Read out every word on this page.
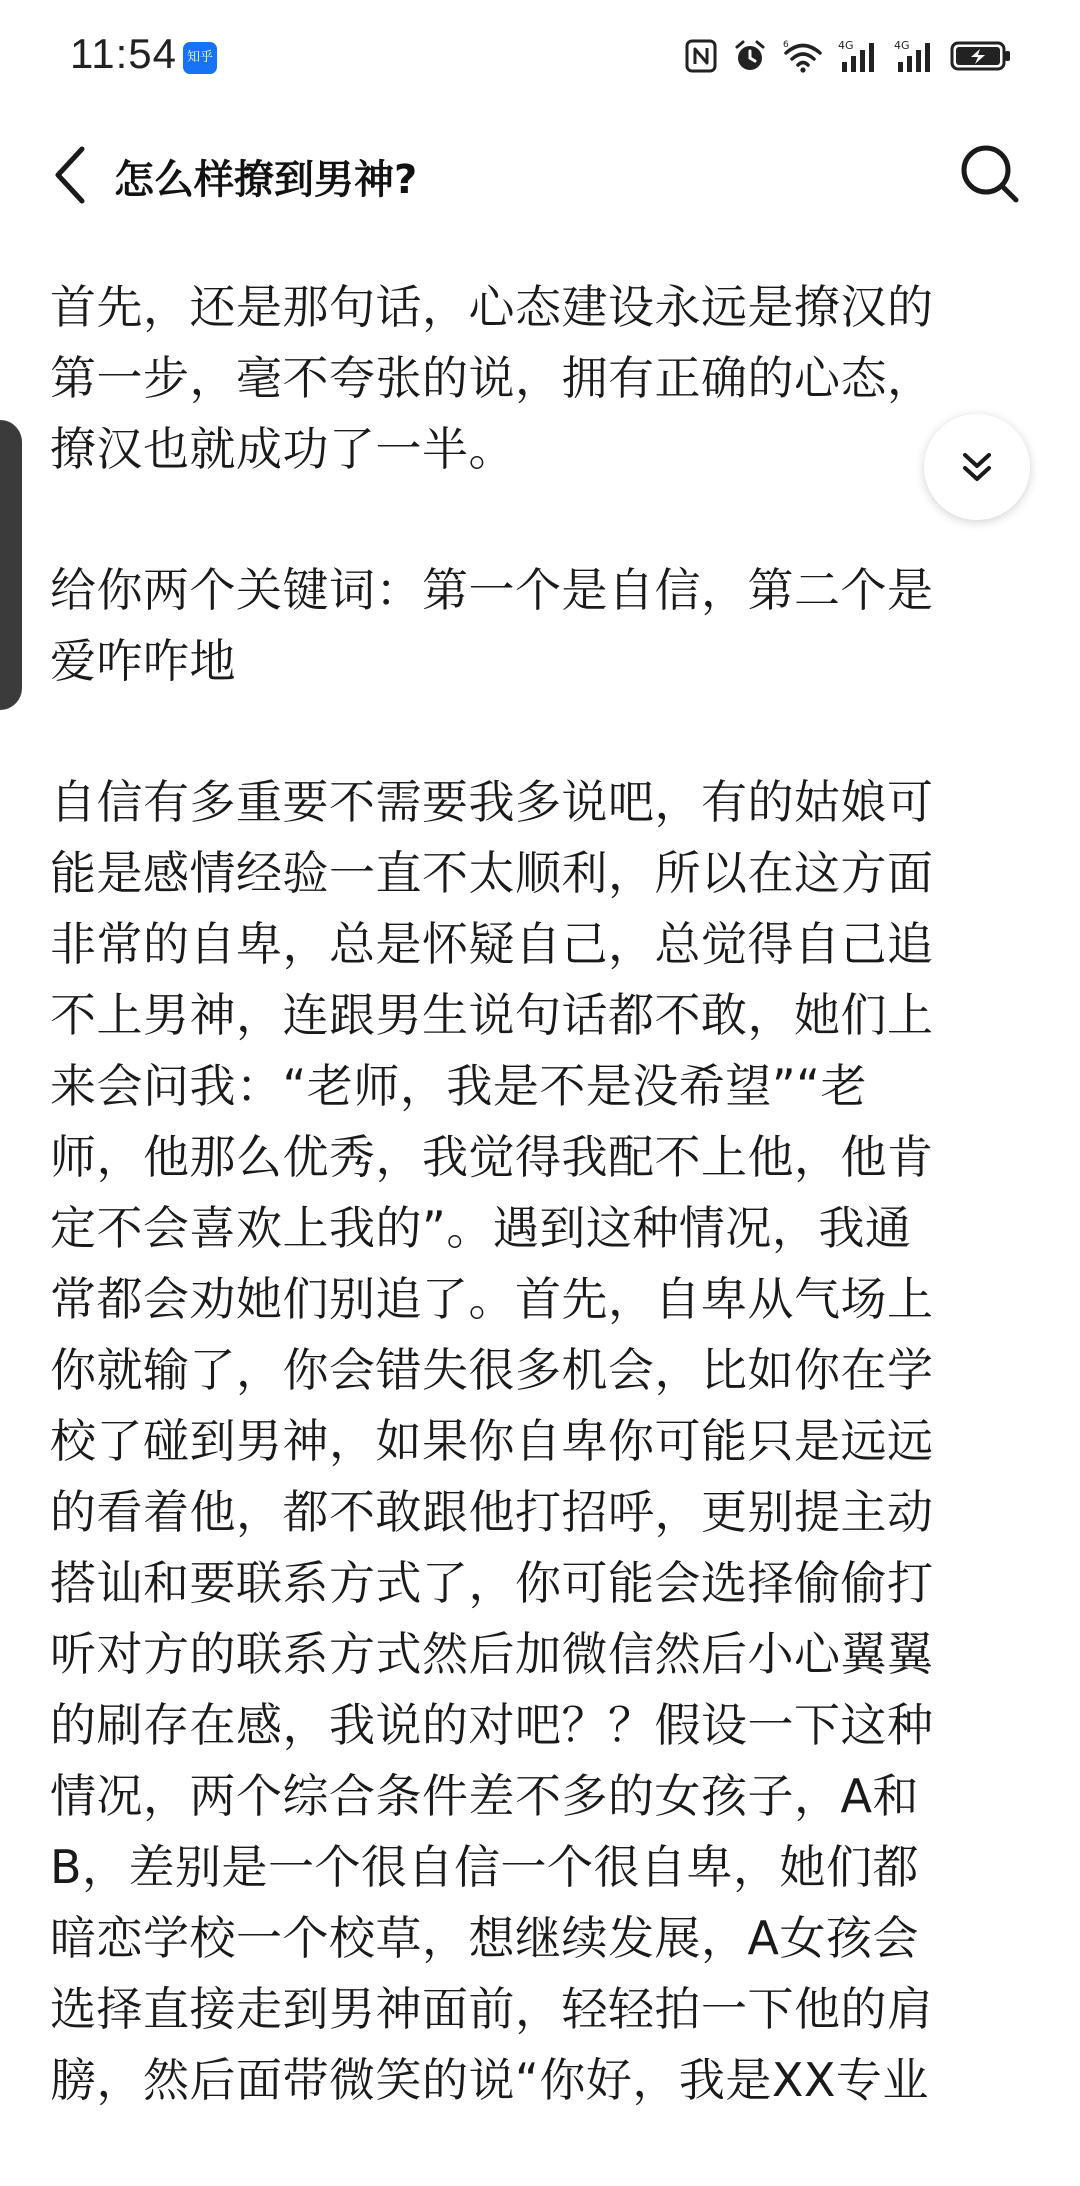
11:54 知乎
6	4G	4G
怎么样撩到男神?

首先，还是那句话，心态建设永远是撩汉的
第一步，毫不夸张的说，拥有正确的心态，
撩汉也就成功了一半。

给你两个关键词：第一个是自信，第二个是
爱咋咋地

自信有多重要不需要我多说吧，有的姑娘可
能是感情经验一直不太顺利，所以在这方面
非常的自卑，总是怀疑自己，总觉得自己追
不上男神，连跟男生说句话都不敢，她们上
来会问我：“老师，我是不是没希望”“老
师，他那么优秀，我觉得我配不上他，他肯
定不会喜欢上我的”。遇到这种情况，我通
常都会劝她们别追了。首先，自卑从气场上
你就输了，你会错失很多机会，比如你在学
校了碰到男神，如果你自卑你可能只是远远
的看着他，都不敢跟他打招呼，更别提主动
搭讪和要联系方式了，你可能会选择偷偷打
听对方的联系方式然后加微信然后小心翼翼
的刷存在感，我说的对吧？？假设一下这种
情况，两个综合条件差不多的女孩子，A和
B，差别是一个很自信一个很自卑，她们都
暗恋学校一个校草，想继续发展，A女孩会
选择直接走到男神面前，轻轻拍一下他的肩
膀，然后面带微笑的说“你好，我是XX专业
